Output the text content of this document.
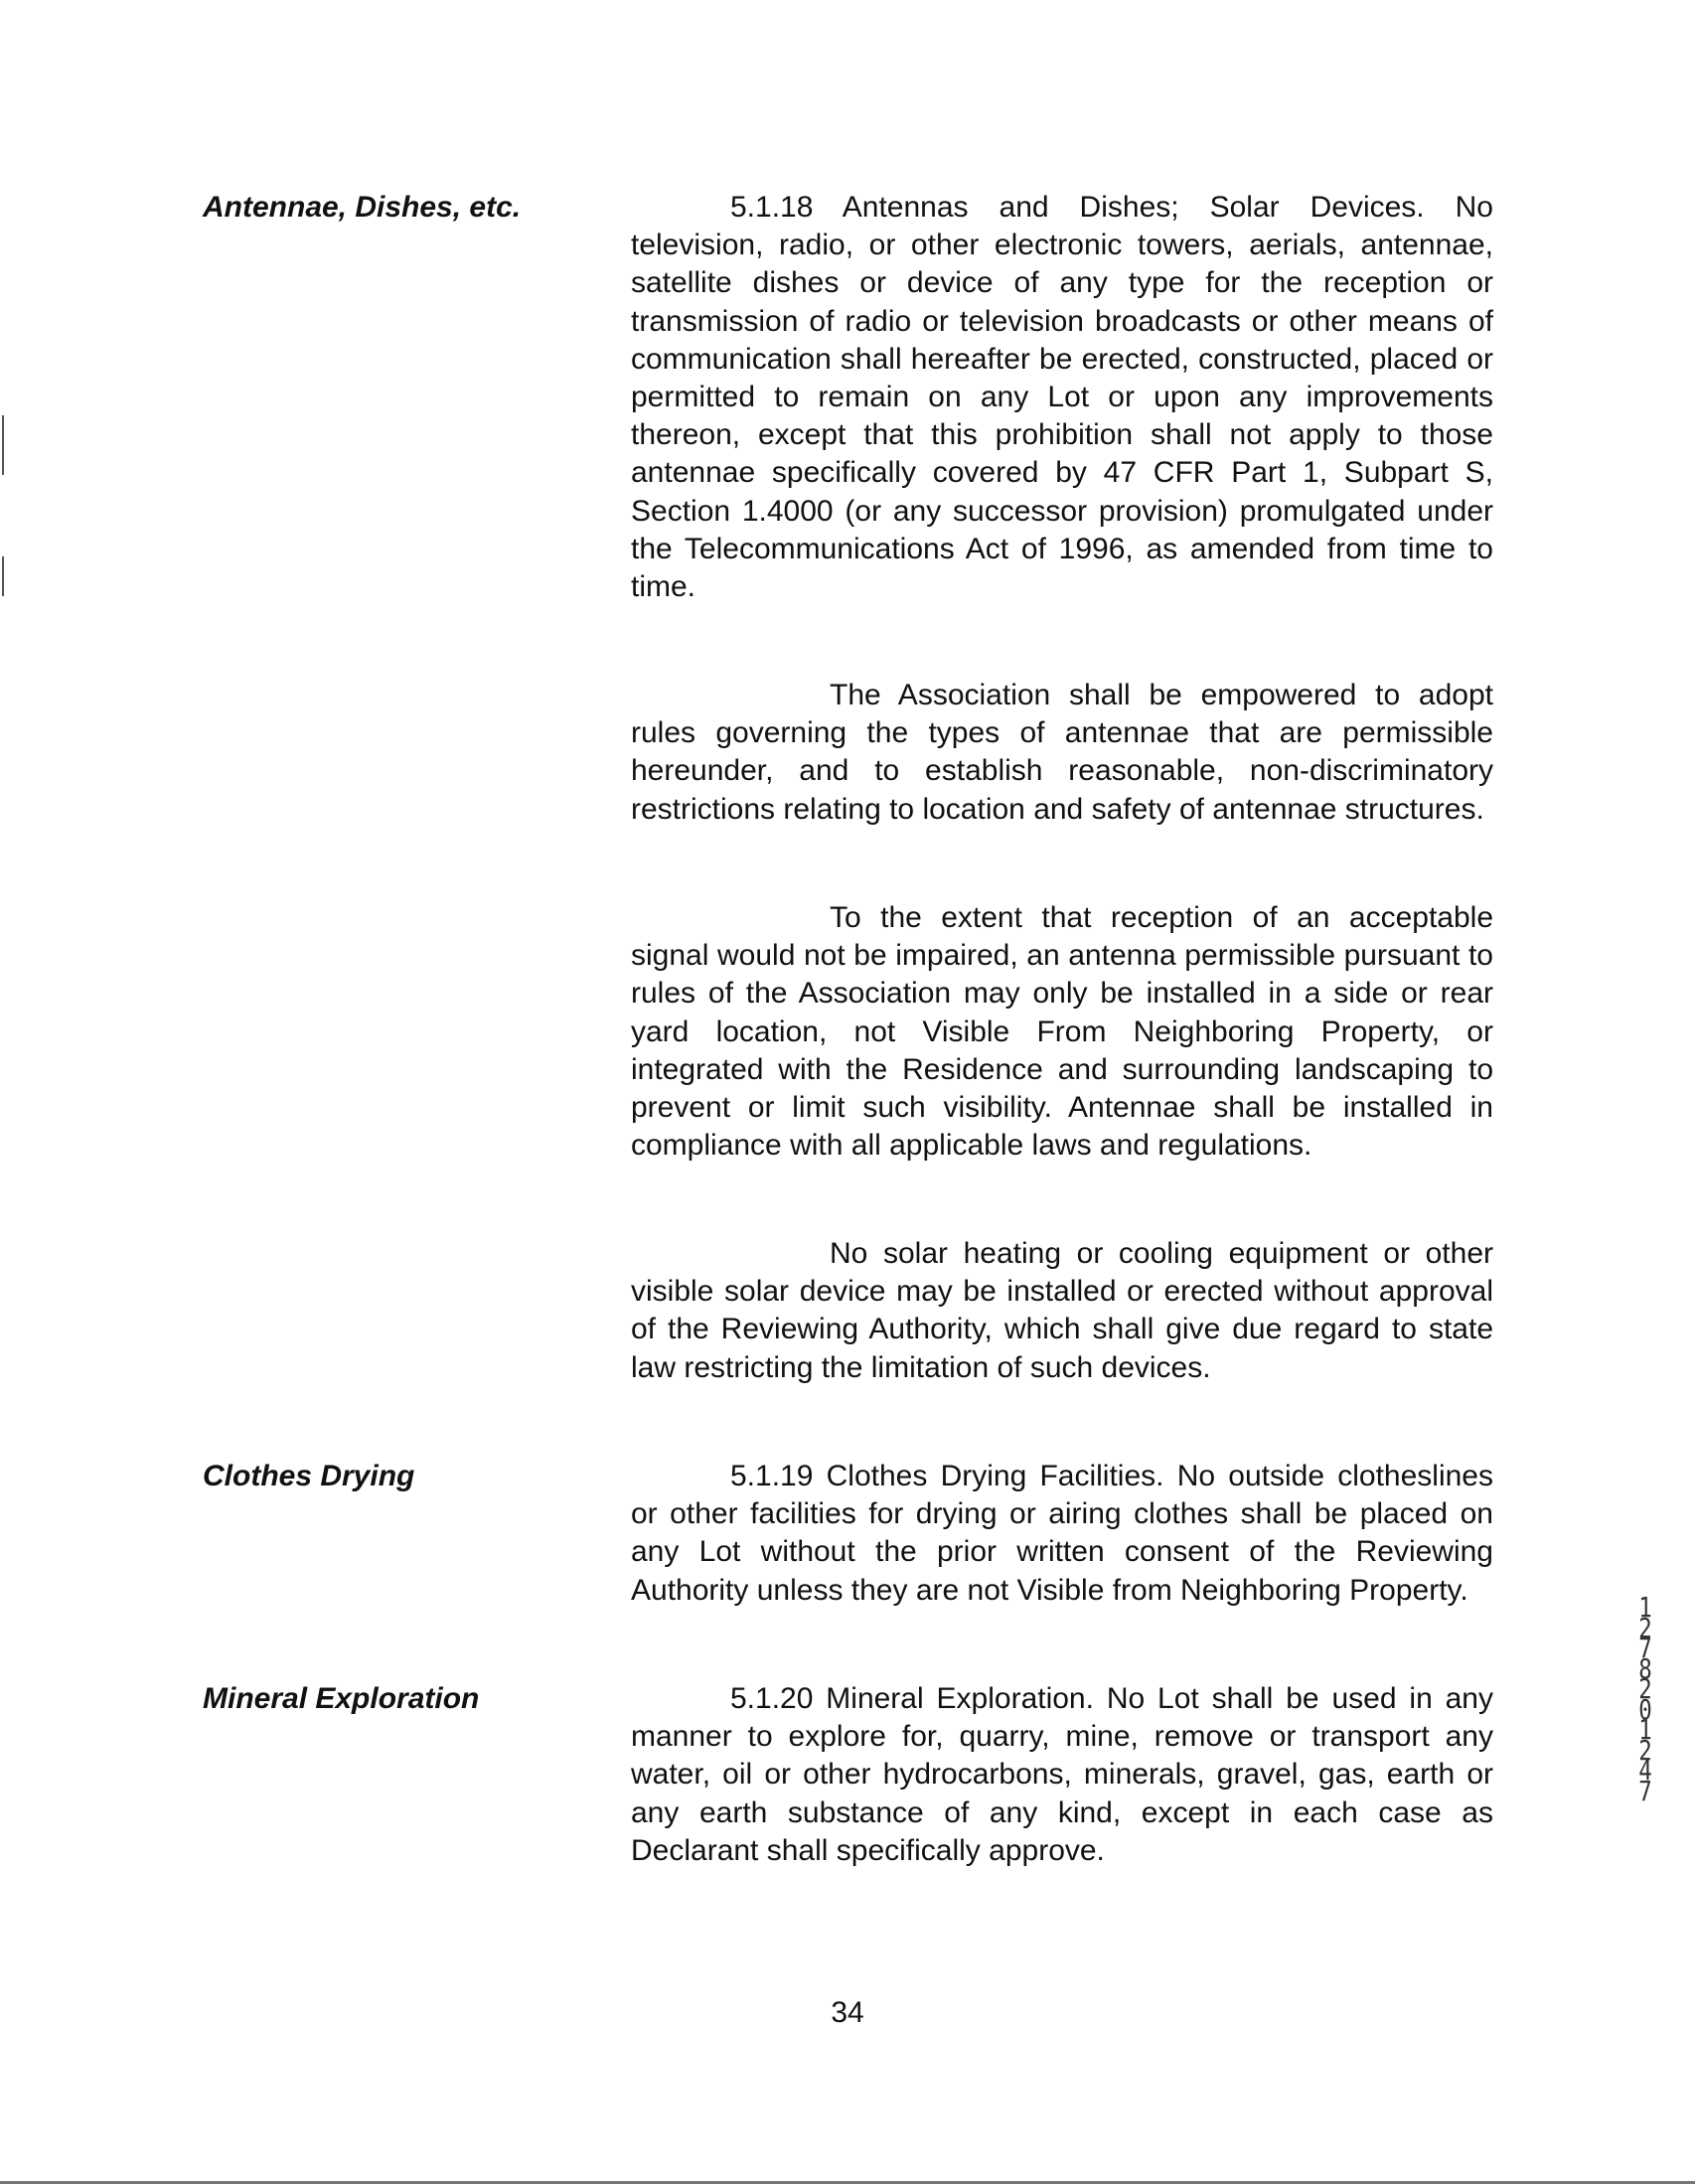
Antennae, Dishes, etc.	5.1.18 Antennas and Dishes; Solar Devices. No television, radio, or other electronic towers, aerials, antennae, satellite dishes or device of any type for the reception or transmission of radio or television broadcasts or other means of communication shall hereafter be erected, constructed, placed or permitted to remain on any Lot or upon any improvements thereon, except that this prohibition shall not apply to those antennae specifically covered by 47 CFR Part 1, Subpart S, Section 1.4000 (or any successor provision) promulgated under the Telecommunications Act of 1996, as amended from time to time.

The Association shall be empowered to adopt rules governing the types of antennae that are permissible hereunder, and to establish reasonable, non-discriminatory restrictions relating to location and safety of antennae structures.

To the extent that reception of an acceptable signal would not be impaired, an antenna permissible pursuant to rules of the Association may only be installed in a side or rear yard location, not Visible From Neighboring Property, or integrated with the Residence and surrounding landscaping to prevent or limit such visibility. Antennae shall be installed in compliance with all applicable laws and regulations.

No solar heating or cooling equipment or other visible solar device may be installed or erected without approval of the Reviewing Authority, which shall give due regard to state law restricting the limitation of such devices.

Clothes Drying	5.1.19 Clothes Drying Facilities. No outside clotheslines or other facilities for drying or airing clothes shall be placed on any Lot without the prior written consent of the Reviewing Authority unless they are not Visible from Neighboring Property.

Mineral Exploration	5.1.20 Mineral Exploration. No Lot shall be used in any manner to explore for, quarry, mine, remove or transport any water, oil or other hydrocarbons, minerals, gravel, gas, earth or any earth substance of any kind, except in each case as Declarant shall specifically approve.

34
1 2 7 8 2   0 1 2 4 7
